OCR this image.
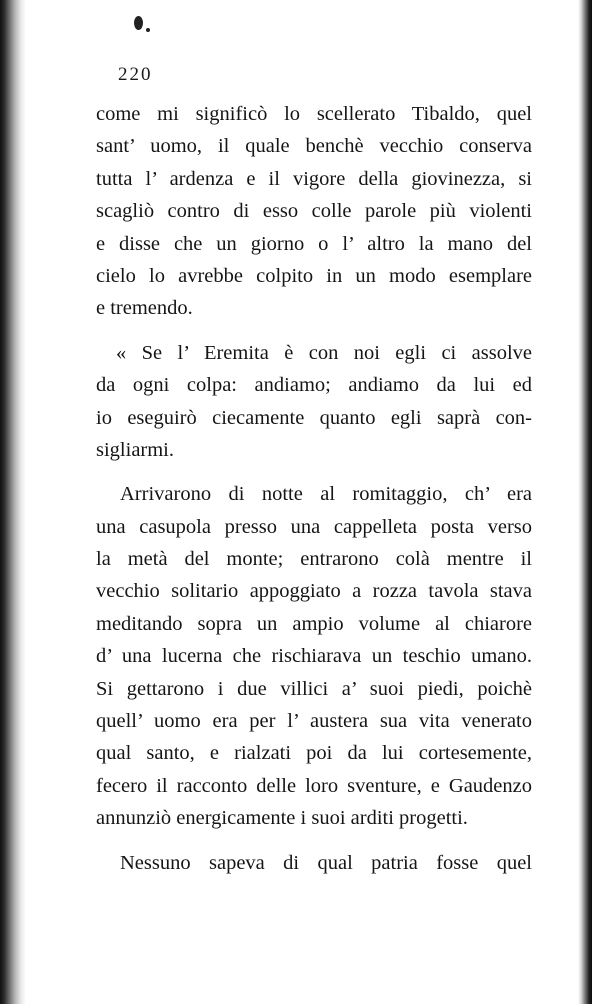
220
come mi significò lo scellerato Tibaldo, quel
sant’ uomo, il quale benchè vecchio conserva
tutta l’ ardenza e il vigore della giovinezza, si
scagliò contro di esso colle parole più violenti
e disse che un giorno o l’ altro la mano del
cielo lo avrebbe colpito in un modo esemplare
e tremendo.
« Se l’ Eremita è con noi egli ci assolve
da ogni colpa: andiamo; andiamo da lui ed
io eseguirò ciecamente quanto egli saprà con-
sigliarmi.
Arrivarono di notte al romitaggio, ch’ era
una casupola presso una cappelleta posta verso
la metà del monte; entrarono colà mentre il
vecchio solitario appoggiato a rozza tavola stava
meditando sopra un ampio volume al chiarore
d’ una lucerna che rischiarava un teschio umano.
Si gettarono i due villici a’ suoi piedi, poichè
quell’ uomo era per l’ austera sua vita venerato
qual santo, e rialzati poi da lui cortesemente,
fecero il racconto delle loro sventure, e Gaudenzo
annunziò energicamente i suoi arditi progetti.
Nessuno sapeva di qual patria fosse quel
